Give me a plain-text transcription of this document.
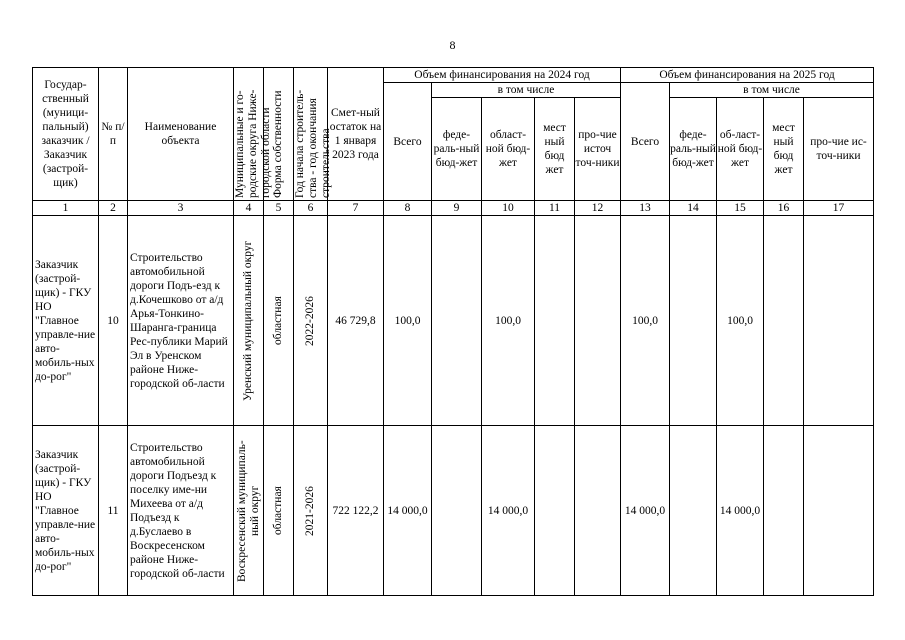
8
Государ-ственный (муници-пальный) заказчик / Заказчик (застрой-щик)	№ п/п	Наименование объекта	Муниципальные и го-родские округа Ниже-городской области	Форма собственности	Год начала строитель-ства - год окончания строительства	Смет-ный остаток на 1 января 2023 года	Объем финансирования на 2024 год					Объем финансирования на 2025 год				
							Всего	в том числе				Всего	в том числе			
								феде-раль-ный бюд-жет	област-ной бюд-жет	мест ный бюд жет	про-чие источ точ-ники		феде-раль-ный бюд-жет	об-ласт-ной бюд-жет	мест ный бюд жет	про-чие ис-точ-ники
1	2	3	4	5	6	7	8	9	10	11	12	13	14	15	16	17
Заказчик (застрой-щик) - ГКУ НО "Главное управле-ние авто-мобиль-ных до-рог"	10	Строительство автомобильной дороги Подъ-езд к д.Кочешково от а/д Арья-Тонкино-Шаранга-граница Рес-публики Марий Эл в Уренском районе Ниже-городской об-ласти	Уренский муниципальный округ	областная	2022-2026	46 729,8	100,0		100,0			100,0		100,0		
Заказчик (застрой-щик) - ГКУ НО "Главное управле-ние авто-мобиль-ных до-рог"	11	Строительство автомобильной дороги Подъезд к поселку име-ни Михеева от а/д Подъезд к д.Буслаево в Воскресенском районе Ниже-городской об-ласти	Воскресенский муниципаль-ный округ	областная	2021-2026	722 122,2	14 000,0		14 000,0			14 000,0		14 000,0		
